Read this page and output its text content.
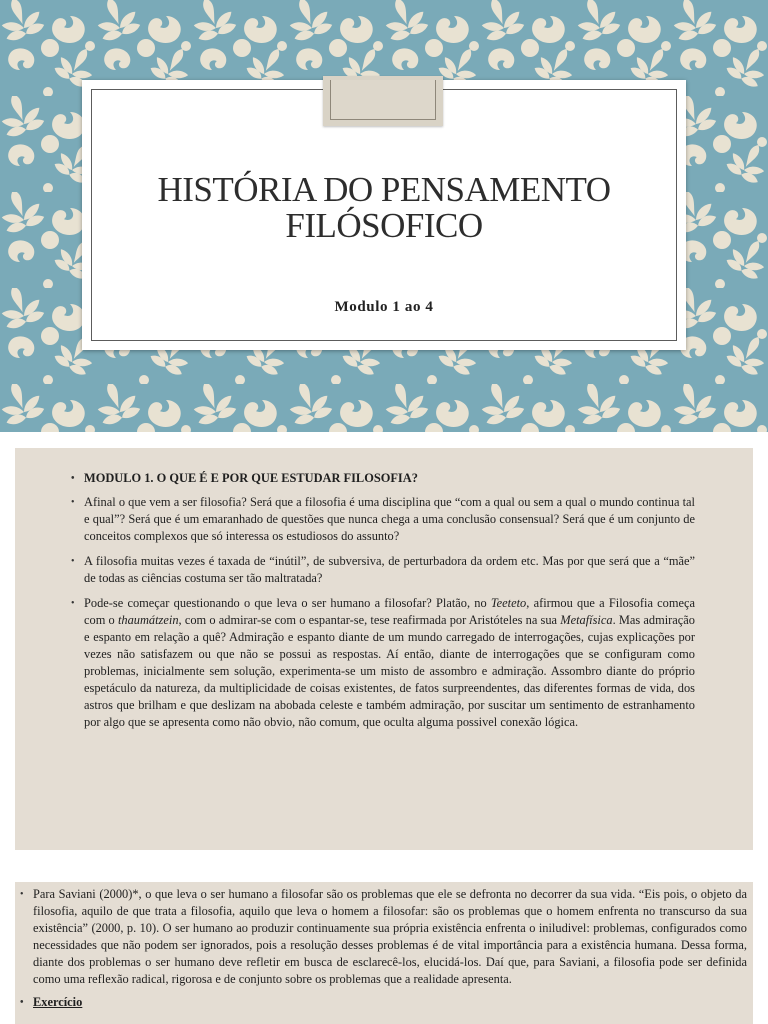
HISTÓRIA DO PENSAMENTO FILÓSOFICO
Modulo 1 ao 4
• MODULO 1. O QUE É E POR QUE ESTUDAR FILOSOFIA?
• Afinal o que vem a ser filosofia? Será que a filosofia é uma disciplina que “com a qual ou sem a qual o mundo continua tal e qual”? Será que é um emaranhado de questões que nunca chega a uma conclusão consensual? Será que é um conjunto de conceitos complexos que só interessa os estudiosos do assunto?
• A filosofia muitas vezes é taxada de “inútil”, de subversiva, de perturbadora da ordem etc. Mas por que será que a “mãe” de todas as ciências costuma ser tão maltratada?
• Pode-se começar questionando o que leva o ser humano a filosofar? Platão, no Teeteto, afirmou que a Filosofia começa com o thaumátzein, com o admirar-se com o espantar-se, tese reafirmada por Aristóteles na sua Metafísica. Mas admiração e espanto em relação a quê? Admiração e espanto diante de um mundo carregado de interrogações, cujas explicações por vezes não satisfazem ou que não se possui as respostas. Aí então, diante de interrogações que se configuram como problemas, inicialmente sem solução, experimenta-se um misto de assombro e admiração. Assombro diante do próprio espetáculo da natureza, da multiplicidade de coisas existentes, de fatos surpreendentes, das diferentes formas de vida, dos astros que brilham e que deslizam na abobada celeste e também admiração, por suscitar um sentimento de estranhamento por algo que se apresenta como não obvio, não comum, que oculta alguma possivel conexão lógica.
• Para Saviani (2000)*, o que leva o ser humano a filosofar são os problemas que ele se defronta no decorrer da sua vida. “Eis pois, o objeto da filosofia, aquilo de que trata a filosofia, aquilo que leva o homem a filosofar: são os problemas que o homem enfrenta no transcurso da sua existência” (2000, p. 10). O ser humano ao produzir continuamente sua própria existência enfrenta o iniludivel: problemas, configurados como necessidades que não podem ser ignorados, pois a resolução desses problemas é de vital importância para a existência humana. Dessa forma, diante dos problemas o ser humano deve refletir em busca de esclarecê-los, elucidá-los. Daí que, para Saviani, a filosofia pode ser definida como uma reflexão radical, rigorosa e de conjunto sobre os problemas que a realidade apresenta.
• Exercício
